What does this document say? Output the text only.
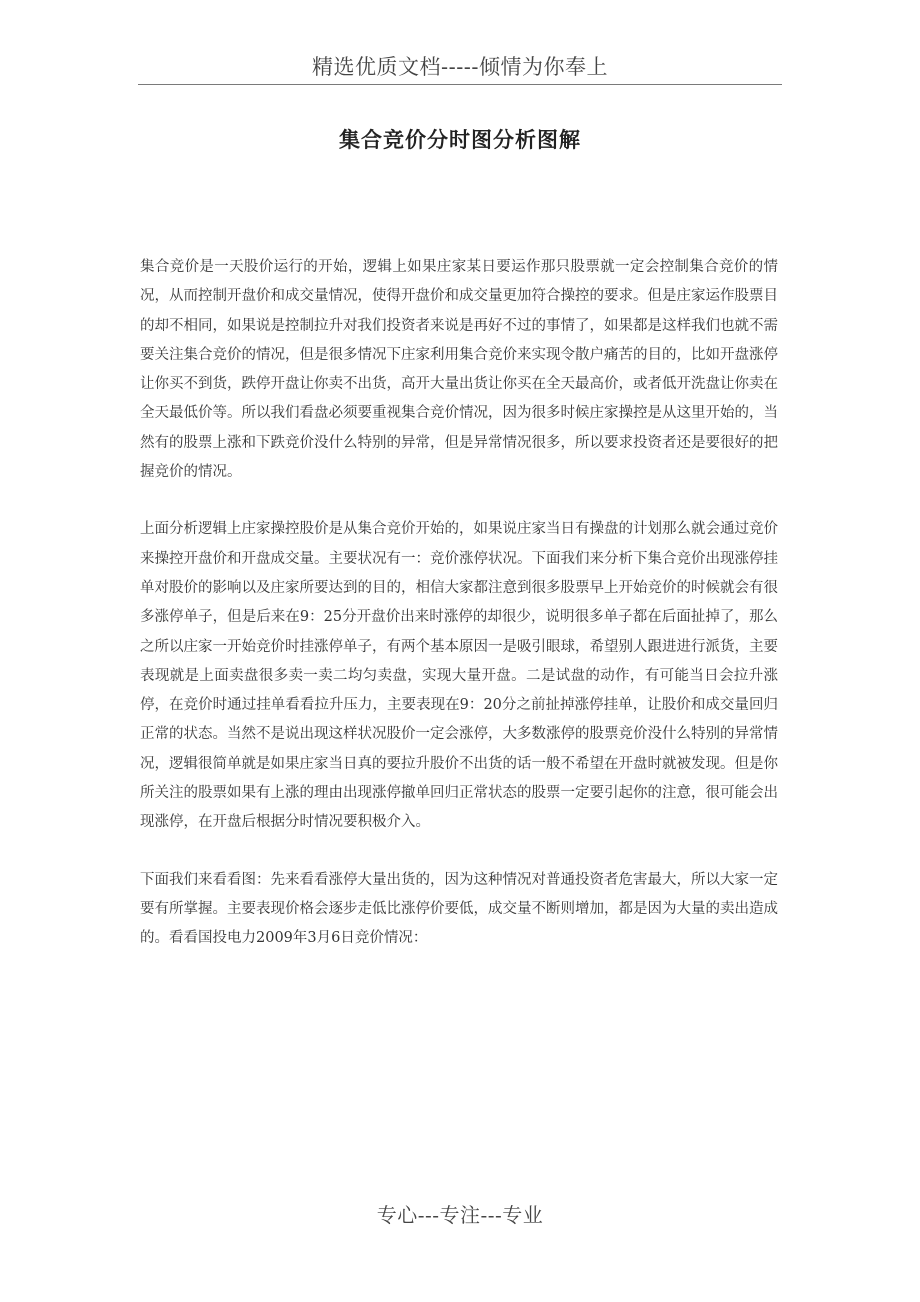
精选优质文档-----倾情为你奉上
集合竞价分时图分析图解

集合竞价是一天股价运行的开始，逻辑上如果庄家某日要运作那只股票就一定会控制集合竞价的情况，从而控制开盘价和成交量情况，使得开盘价和成交量更加符合操控的要求。但是庄家运作股票目的却不相同，如果说是控制拉升对我们投资者来说是再好不过的事情了，如果都是这样我们也就不需要关注集合竞价的情况，但是很多情况下庄家利用集合竞价来实现令散户痛苦的目的，比如开盘涨停让你买不到货，跌停开盘让你卖不出货，高开大量出货让你买在全天最高价，或者低开洗盘让你卖在全天最低价等。所以我们看盘必须要重视集合竞价情况，因为很多时候庄家操控是从这里开始的，当然有的股票上涨和下跌竞价没什么特别的异常，但是异常情况很多，所以要求投资者还是要很好的把握竞价的情况。

上面分析逻辑上庄家操控股价是从集合竞价开始的，如果说庄家当日有操盘的计划那么就会通过竞价来操控开盘价和开盘成交量。主要状况有一：竞价涨停状况。下面我们来分析下集合竞价出现涨停挂单对股价的影响以及庄家所要达到的目的，相信大家都注意到很多股票早上开始竞价的时候就会有很多涨停单子，但是后来在9：25分开盘价出来时涨停的却很少，说明很多单子都在后面扯掉了，那么之所以庄家一开始竞价时挂涨停单子，有两个基本原因一是吸引眼球，希望别人跟进进行派货，主要表现就是上面卖盘很多卖一卖二均匀卖盘，实现大量开盘。二是试盘的动作，有可能当日会拉升涨停，在竞价时通过挂单看看拉升压力，主要表现在9：20分之前扯掉涨停挂单，让股价和成交量回归正常的状态。当然不是说出现这样状况股价一定会涨停，大多数涨停的股票竞价没什么特别的异常情况，逻辑很简单就是如果庄家当日真的要拉升股价不出货的话一般不希望在开盘时就被发现。但是你所关注的股票如果有上涨的理由出现涨停撤单回归正常状态的股票一定要引起你的注意，很可能会出现涨停，在开盘后根据分时情况要积极介入。

下面我们来看看图：先来看看涨停大量出货的，因为这种情况对普通投资者危害最大，所以大家一定要有所掌握。主要表现价格会逐步走低比涨停价要低，成交量不断则增加，都是因为大量的卖出造成的。看看国投电力2009年3月6日竞价情况：

专心---专注---专业
